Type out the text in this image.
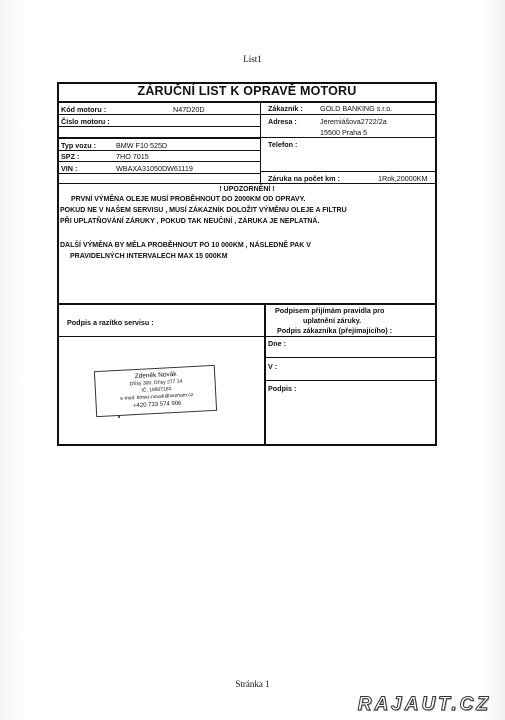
List1
ZÁRUČNÍ LIST K OPRAVĚ MOTORU
Kód motoru :	N47D20D
Číslo motoru :
Typ vozu :	BMW F10 525D
SPZ :	7HO 7015
VIN :	WBAXA31050DW61119
Zákazník : GOLD BANKING s.r.o.
Adresa :	Jeremiášova2722/2a
15500 Praha 5
Telefon :
Záruka na počet km :	1Rok,20000KM
! UPOZORNĚNÍ !
PRVNÍ VÝMĚNA OLEJE MUSÍ PROBĚHNOUT DO 2000KM OD OPRAVY.
POKUD NE V NAŠEM SERVISU , MUSÍ ZÁKAZNÍK DOLOŽIT VÝMĚNU OLEJE A FILTRU
PŘI UPLATŇOVÁNÍ ZÁRUKY , POKUD TAK NEUČINÍ , ZÁRUKA JE NEPLATNÁ.
DALŠÍ VÝMĚNA BY MĚLA PROBĚHNOUT PO 10 000KM , NÁSLEDNĚ PAK V
PRAVIDELNÝCH INTERVALECH MAX 15 000KM
Podpis a razítko servisu :
Podpisem přijímám pravidla pro
uplatnění záruky.
Podpis zákazníka (přejímajícího) :
Dne :
V :
Podpis :
Zdeněk Novák
Dřísy 300, Dřísy 277 14
IČ: 19807180
e-mail: bmwz.novak@seznam.cz
+420 733 574 906
Stránka 1
RAJAUT.CZ
